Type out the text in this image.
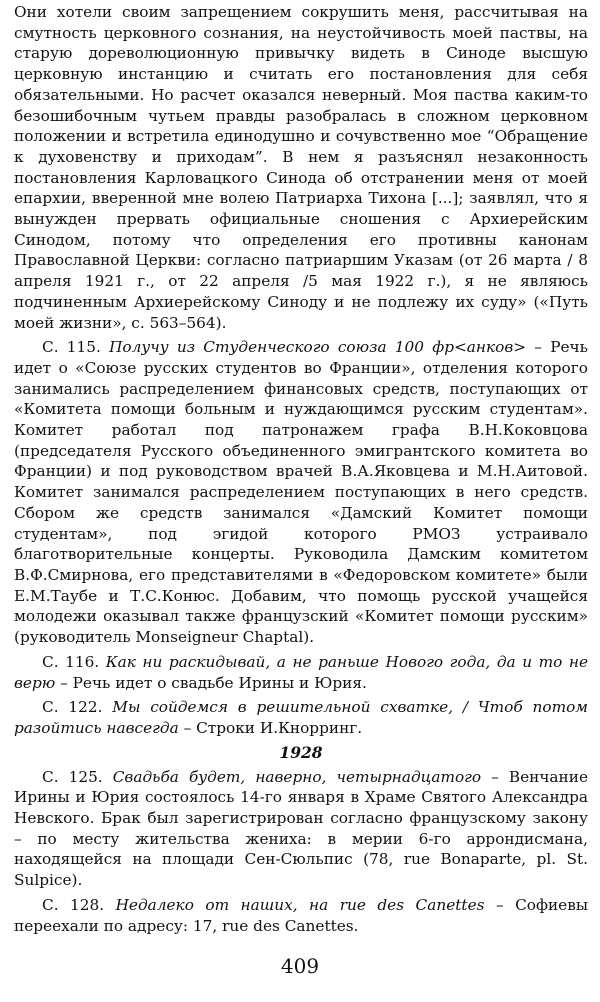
Они хотели своим запрещением сокрушить меня, рассчитывая на смутность церковного сознания, на неустойчивость моей паствы, на старую дореволюционную привычку видеть в Синоде высшую церковную инстанцию и считать его постановления для себя обязательными. Но расчет оказался неверный. Моя паства каким-то безошибочным чутьем правды разобралась в сложном церковном положении и встретила единодушно и сочувственно мое “Обращение к духовенству и приходам”. В нем я разъяснял незаконность постановления Карловацкого Синода об отстранении меня от моей епархии, вверенной мне волею Патриарха Тихона [...]; заявлял, что я вынужден прервать официальные сношения с Архиерейским Синодом, потому что определения его противны канонам Православной Церкви: согласно патриаршим Указам (от 26 марта / 8 апреля 1921 г., от 22 апреля /5 мая 1922 г.), я не являюсь подчиненным Архиерейскому Синоду и не подлежу их суду» («Путь моей жизни», с. 563–564).

С. 115. Получу из Студенческого союза 100 фр<анков> – Речь идет о «Союзе русских студентов во Франции», отделения которого занимались распределением финансовых средств, поступающих от «Комитета помощи больным и нуждающимся русским студентам». Комитет работал под патронажем графа В.Н.Коковцова (председателя Русского объединенного эмигрантского комитета во Франции) и под руководством врачей В.А.Яковцева и М.Н.Аитовой. Комитет занимался распределением поступающих в него средств. Сбором же средств занимался «Дамский Комитет помощи студентам», под эгидой которого РМОЗ устраивало благотворительные концерты. Руководила Дамским комитетом В.Ф.Смирнова, его представителями в «Федоровском комитете» были Е.М.Таубе и Т.С.Конюс. Добавим, что помощь русской учащейся молодежи оказывал также французский «Комитет помощи русским» (руководитель Monseigneur Chaptal).

С. 116. Как ни раскидывай, а не раньше Нового года, да и то не верю – Речь идет о свадьбе Ирины и Юрия.

С. 122. Мы сойдемся в решительной схватке, / Чтоб потом разойтись навсегда – Строки И.Кнорринг.

1928

С. 125. Свадьба будет, наверно, четырнадцатого – Венчание Ирины и Юрия состоялось 14-го января в Храме Святого Александра Невского. Брак был зарегистрирован согласно французскому закону – по месту жительства жениха: в мерии 6-го аррондисмана, находящейся на площади Сен-Сюльпис (78, rue Bonaparte, pl. St. Sulpice).

С. 128. Недалеко от наших, на rue des Canettes – Софиевы переехали по адресу: 17, rue des Canettes.

409
